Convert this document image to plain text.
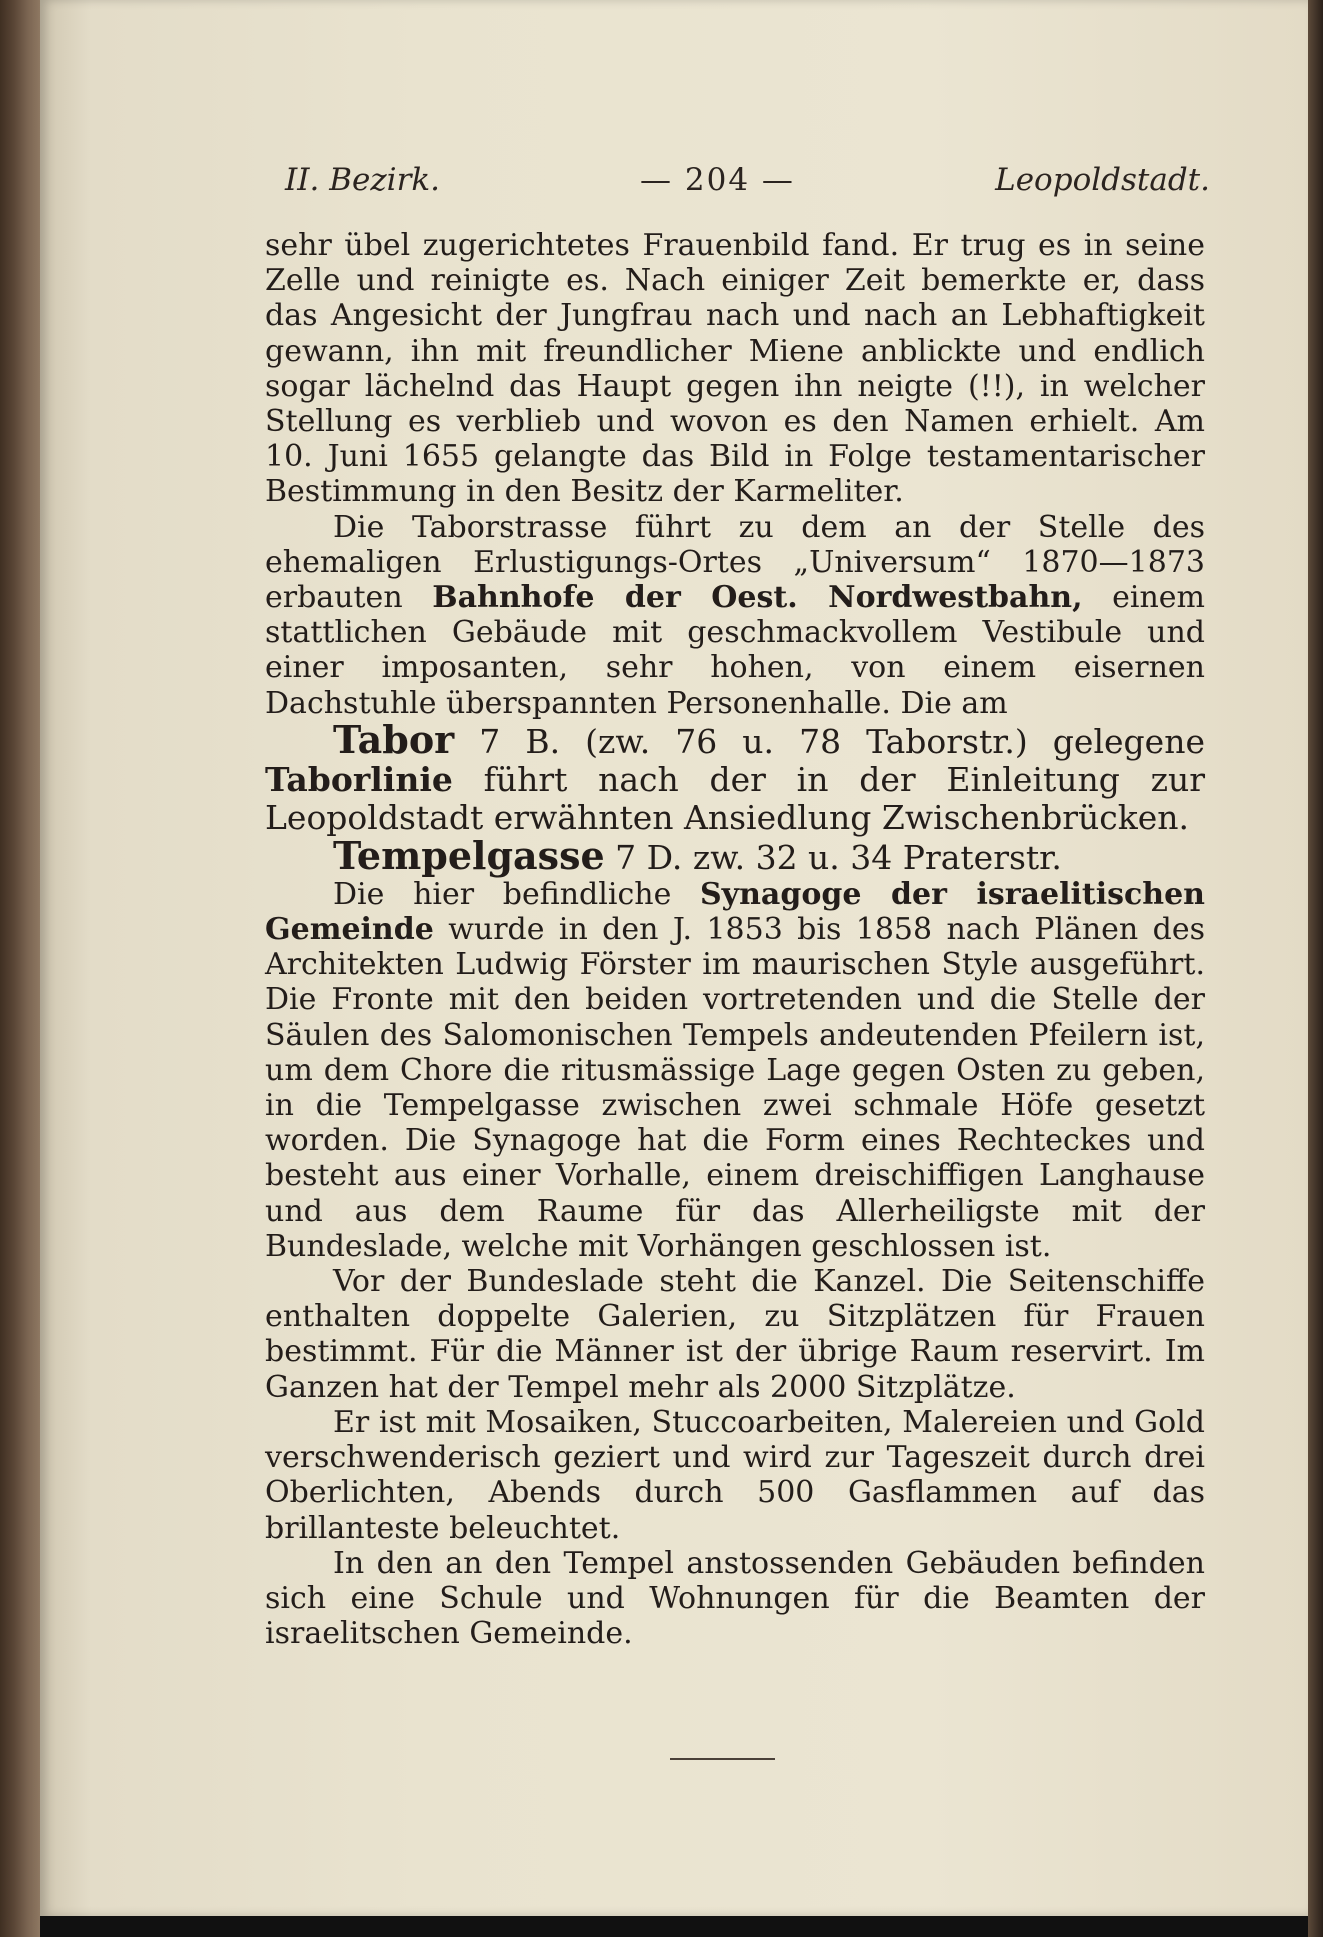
II. Bezirk.	— 204 —	Leopoldstadt.

sehr übel zugerichtetes Frauenbild fand. Er trug es in seine Zelle und reinigte es. Nach einiger Zeit bemerkte er, dass das Angesicht der Jungfrau nach und nach an Lebhaftigkeit gewann, ihn mit freundlicher Miene anblickte und endlich sogar lächelnd das Haupt gegen ihn neigte (!!), in welcher Stellung es verblieb und wovon es den Namen erhielt. Am 10. Juni 1655 gelangte das Bild in Folge testamentarischer Bestimmung in den Besitz der Karmeliter.

Die Taborstrasse führt zu dem an der Stelle des ehemaligen Erlustigungs-Ortes „Universum“ 1870—1873 erbauten Bahnhofe der Oest. Nordwestbahn, einem stattlichen Gebäude mit geschmackvollem Vestibule und einer imposanten, sehr hohen, von einem eisernen Dachstuhle überspannten Personenhalle. Die am

Tabor 7 B. (zw. 76 u. 78 Taborstr.) gelegene Taborlinie führt nach der in der Einleitung zur Leopoldstadt erwähnten Ansiedlung Zwischenbrücken.

Tempelgasse 7 D. zw. 32 u. 34 Praterstr.

Die hier befindliche Synagoge der israelitischen Gemeinde wurde in den J. 1853 bis 1858 nach Plänen des Architekten Ludwig Förster im maurischen Style ausgeführt. Die Fronte mit den beiden vortretenden und die Stelle der Säulen des Salomonischen Tempels andeutenden Pfeilern ist, um dem Chore die ritusmässige Lage gegen Osten zu geben, in die Tempelgasse zwischen zwei schmale Höfe gesetzt worden. Die Synagoge hat die Form eines Rechteckes und besteht aus einer Vorhalle, einem dreischiffigen Langhause und aus dem Raume für das Allerheiligste mit der Bundeslade, welche mit Vorhängen geschlossen ist.

Vor der Bundeslade steht die Kanzel. Die Seitenschiffe enthalten doppelte Galerien, zu Sitzplätzen für Frauen bestimmt. Für die Männer ist der übrige Raum reservirt. Im Ganzen hat der Tempel mehr als 2000 Sitzplätze.

Er ist mit Mosaiken, Stuccoarbeiten, Malereien und Gold verschwenderisch geziert und wird zur Tageszeit durch drei Oberlichten, Abends durch 500 Gasflammen auf das brillanteste beleuchtet.

In den an den Tempel anstossenden Gebäuden befinden sich eine Schule und Wohnungen für die Beamten der israelitschen Gemeinde.
